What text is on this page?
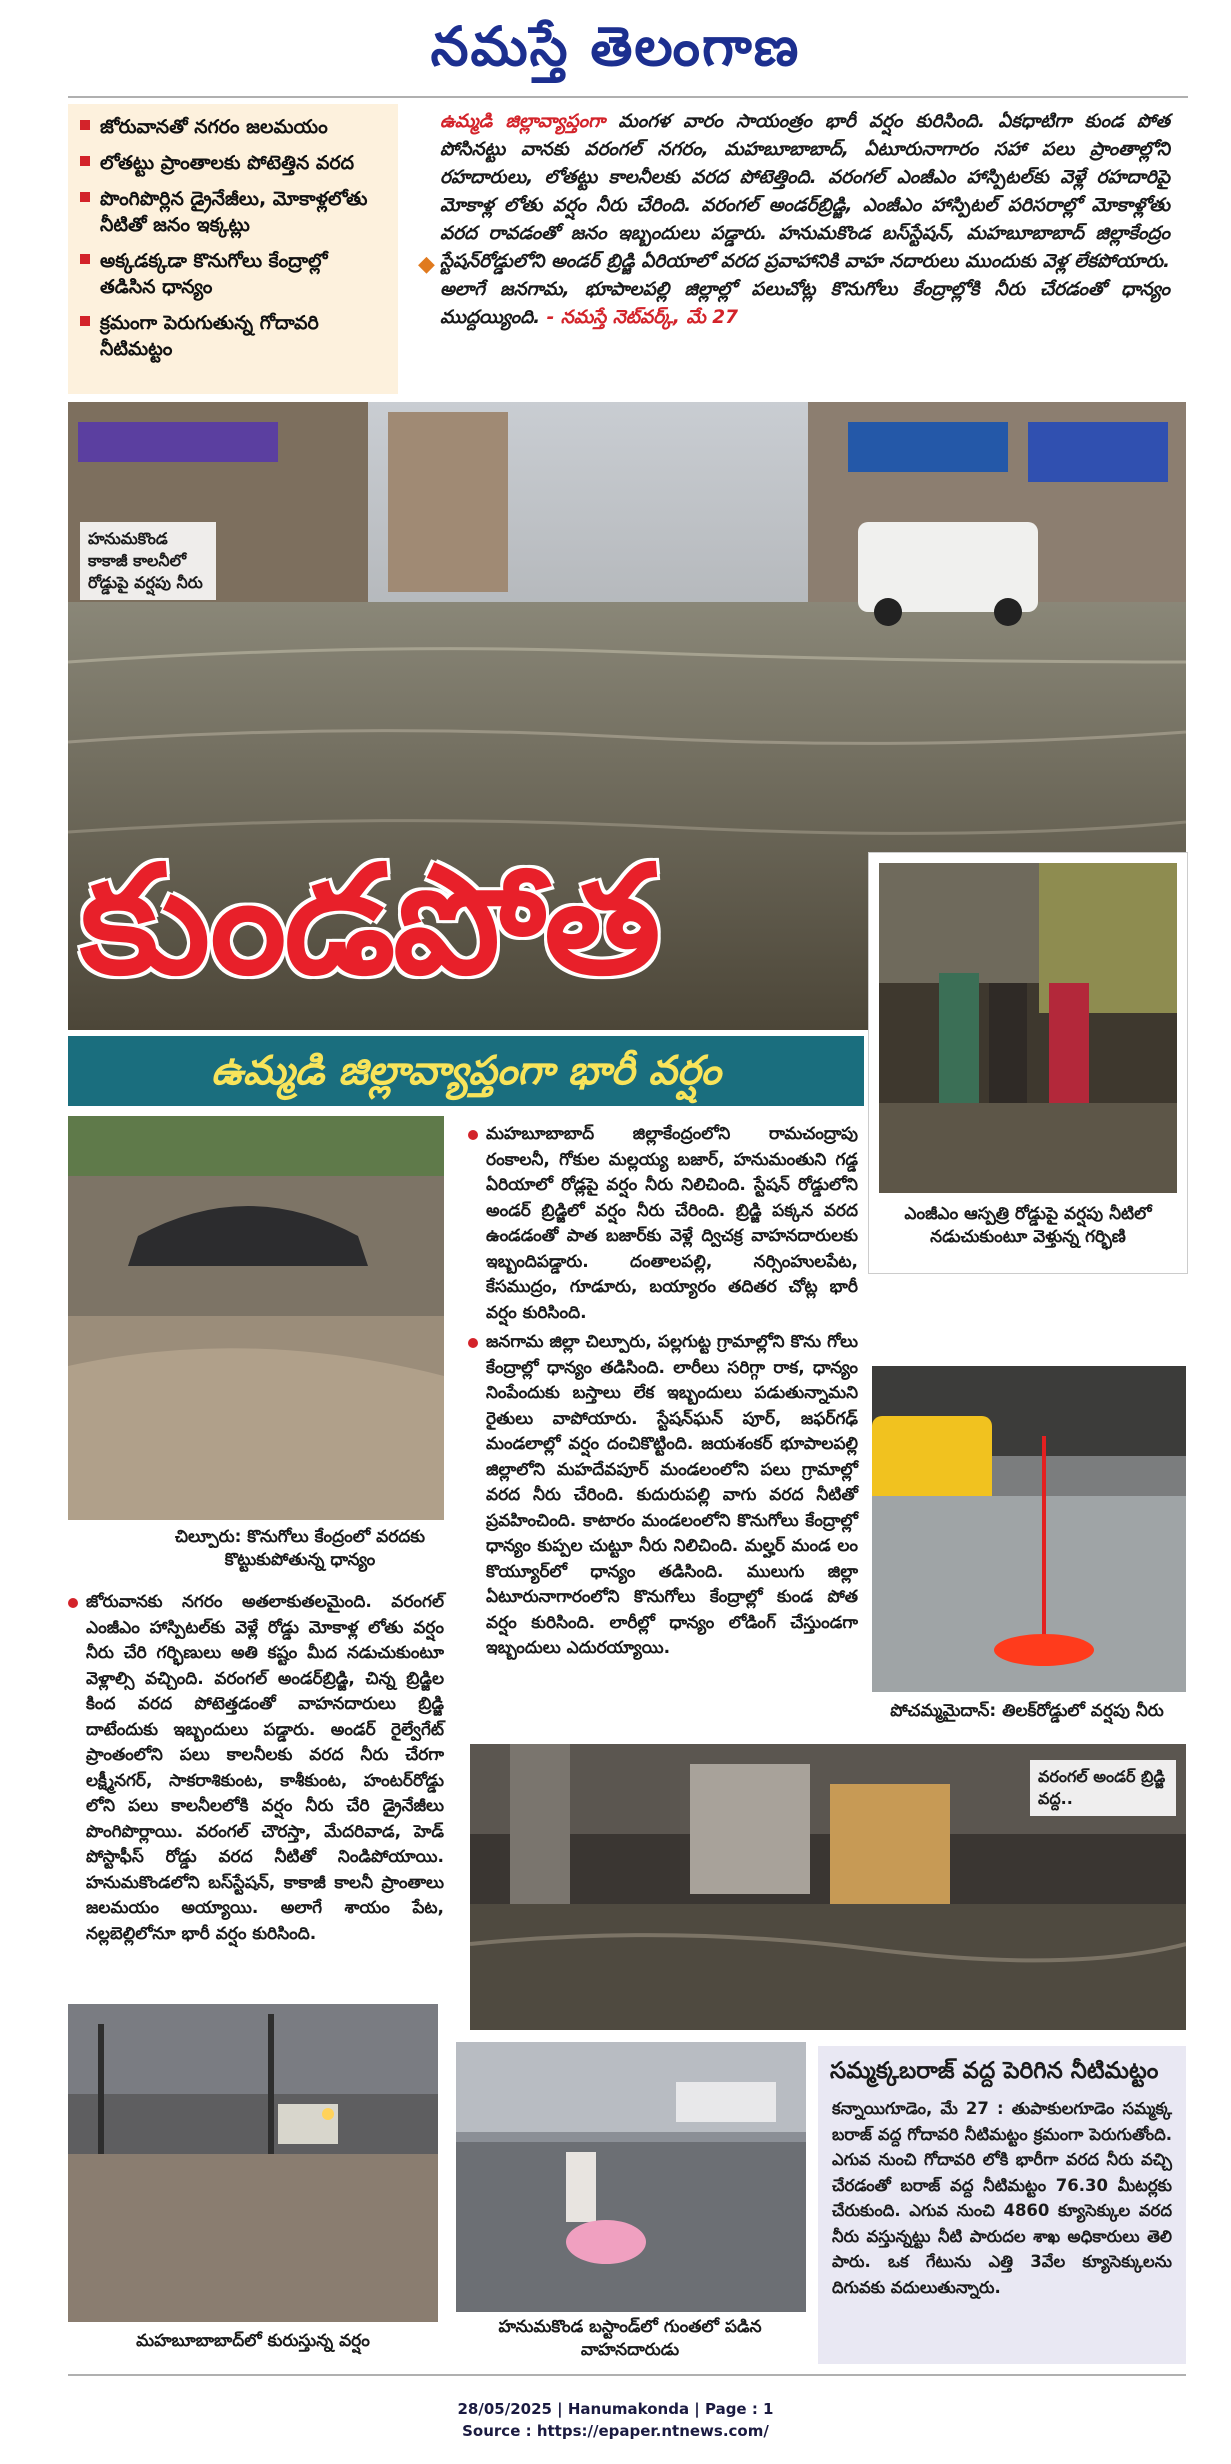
నమస్తే తెలంగాణ
జోరువానతో నగరం జలమయం
లోతట్టు ప్రాంతాలకు పోటెత్తిన వరద
పొంగిపొర్లిన డ్రైనేజీలు, మోకాళ్లలోతు నీటితో జనం ఇక్కట్లు
అక్కడక్కడా కొనుగోలు కేంద్రాల్లో తడిసిన ధాన్యం
క్రమంగా పెరుగుతున్న గోదావరి నీటిమట్టం
◆
ఉమ్మడి జిల్లావ్యాప్తంగా మంగళ వారం సాయంత్రం భారీ వర్షం కురిసింది. ఏకధాటిగా కుండ పోత పోసినట్టు వానకు వరంగల్ నగరం, మహబూబాబాద్, ఏటూరునాగారం సహా పలు ప్రాంతాల్లోని రహదారులు, లోతట్టు కాలనీలకు వరద పోటెత్తింది. వరంగల్ ఎంజీఎం హాస్పిటల్‌కు వెళ్లే రహదారిపై మోకాళ్ల లోతు వర్షం నీరు చేరింది. వరంగల్ అండర్‌బ్రిడ్జి, ఎంజీఎం హాస్పిటల్ పరిసరాల్లో మోకాళ్లోతు వరద రావడంతో జనం ఇబ్బందులు పడ్డారు. హనుమకొండ బస్‌స్టేషన్, మహబూబాబాద్ జిల్లాకేంద్రం స్టేషన్‌రోడ్డులోని అండర్ బ్రిడ్జి ఏరియాలో వరద ప్రవాహానికి వాహ నదారులు ముందుకు వెళ్ల లేకపోయారు. అలాగే జనగామ, భూపాలపల్లి జిల్లాల్లో పలుచోట్ల కొనుగోలు కేంద్రాల్లోకి నీరు చేరడంతో ధాన్యం ముద్దయ్యింది. - నమస్తే నెట్‌వర్క్, మే 27
హనుమకొండ కాకాజీ కాలనీలో రోడ్డుపై వర్షపు నీరు
కుండపోత
ఉమ్మడి జిల్లావ్యాప్తంగా భారీ వర్షం
ఎంజీఎం ఆస్పత్రి రోడ్డుపై వర్షపు నీటిలో నడుచుకుంటూ వెళ్తున్న గర్భిణి
చిల్పూరు: కొనుగోలు కేంద్రంలో వరదకు కొట్టుకుపోతున్న ధాన్యం

మహబూబాబాద్ జిల్లాకేంద్రంలోని రామచంద్రాపు రంకాలనీ, గోకుల మల్లయ్య బజార్, హనుమంతుని గడ్డ ఏరియాలో రోడ్లపై వర్షం నీరు నిలిచింది. స్టేషన్ రోడ్డులోని అండర్ బ్రిడ్జిలో వర్షం నీరు చేరింది. బ్రిడ్జి పక్కన వరద ఉండడంతో పాత బజార్‌కు వెళ్లే ద్విచక్ర వాహనదారులకు ఇబ్బందిపడ్డారు. దంతాలపల్లి, నర్సింహులపేట, కేసముద్రం, గూడూరు, బయ్యారం తదితర చోట్ల భారీ వర్షం కురిసింది.

జనగామ జిల్లా చిల్పూరు, పల్లగుట్ట గ్రామాల్లోని కొను గోలు కేంద్రాల్లో ధాన్యం తడిసింది. లారీలు సరిగ్గా రాక, ధాన్యం నింపేందుకు బస్తాలు లేక ఇబ్బందులు పడుతున్నామని రైతులు వాపోయారు. స్టేషన్‌ఘన్ పూర్, జఫర్‌గఢ్ మండలాల్లో వర్షం దంచికొట్టింది. జయశంకర్ భూపాలపల్లి జిల్లాలోని మహదేవపూర్ మండలంలోని పలు గ్రామాల్లో వరద నీరు చేరింది. కుదురుపల్లి వాగు వరద నీటితో ప్రవహించింది. కాటారం మండలంలోని కొనుగోలు కేంద్రాల్లో ధాన్యం కుప్పల చుట్టూ నీరు నిలిచింది. మల్హర్ మండ లం కొయ్యూర్‌లో ధాన్యం తడిసింది. ములుగు జిల్లా ఏటూరునాగారంలోని కొనుగోలు కేంద్రాల్లో కుండ పోత వర్షం కురిసింది. లారీల్లో ధాన్యం లోడింగ్ చేస్తుండగా ఇబ్బందులు ఎదురయ్యాయి.

జోరువానకు నగరం అతలాకుతలమైంది. వరంగల్ ఎంజీఎం హాస్పిటల్‌కు వెళ్లే రోడ్డు మోకాళ్ల లోతు వర్షం నీరు చేరి గర్భిణులు అతి కష్టం మీద నడుచుకుంటూ వెళ్లాల్సి వచ్చింది. వరంగల్ అండర్‌బ్రిడ్జి, చిన్న బ్రిడ్జిల కింద వరద పోటెత్తడంతో వాహనదారులు బ్రిడ్జి దాటేందుకు ఇబ్బందులు పడ్డారు. అండర్ రైల్వేగేట్ ప్రాంతంలోని పలు కాలనీలకు వరద నీరు చేరగా లక్ష్మీనగర్, సాకరాశికుంట, కాశీకుంట, హంటర్‌రోడ్డు లోని పలు కాలనీలలోకి వర్షం నీరు చేరి డ్రైనేజీలు పొంగిపొర్లాయి. వరంగల్ చౌరస్తా, మేదరివాడ, హెడ్ పోస్టాఫీస్ రోడ్డు వరద నీటితో నిండిపోయాయి. హనుమకొండలోని బస్‌స్టేషన్, కాకాజీ కాలనీ ప్రాంతాలు జలమయం అయ్యాయి. అలాగే శాయం పేట, నల్లబెల్లిలోనూ భారీ వర్షం కురిసింది.

పోచమ్మమైదాన్: తిలక్‌రోడ్డులో వర్షపు నీరు
వరంగల్ అండర్ బ్రిడ్జి వద్ద..
మహబూబాబాద్‌లో కురుస్తున్న వర్షం
హనుమకొండ బస్టాండ్‌లో గుంతలో పడిన వాహనదారుడు
సమ్మక్కబరాజ్ వద్ద పెరిగిన నీటిమట్టం
కన్నాయిగూడెం, మే 27 : తుపాకులగూడెం సమ్మక్క బరాజ్ వద్ద గోదావరి నీటిమట్టం క్రమంగా పెరుగుతోంది. ఎగువ నుంచి గోదావరి లోకి భారీగా వరద నీరు వచ్చి చేరడంతో బరాజ్ వద్ద నీటిమట్టం 76.30 మీటర్లకు చేరుకుంది. ఎగువ నుంచి 4860 క్యూసెక్కుల వరద నీరు వస్తున్నట్టు నీటి పారుదల శాఖ అధికారులు తెలి పారు. ఒక గేటును ఎత్తి 3వేల క్యూసెక్కులను దిగువకు వదులుతున్నారు.
28/05/2025 | Hanumakonda | Page : 1
Source : https://epaper.ntnews.com/
